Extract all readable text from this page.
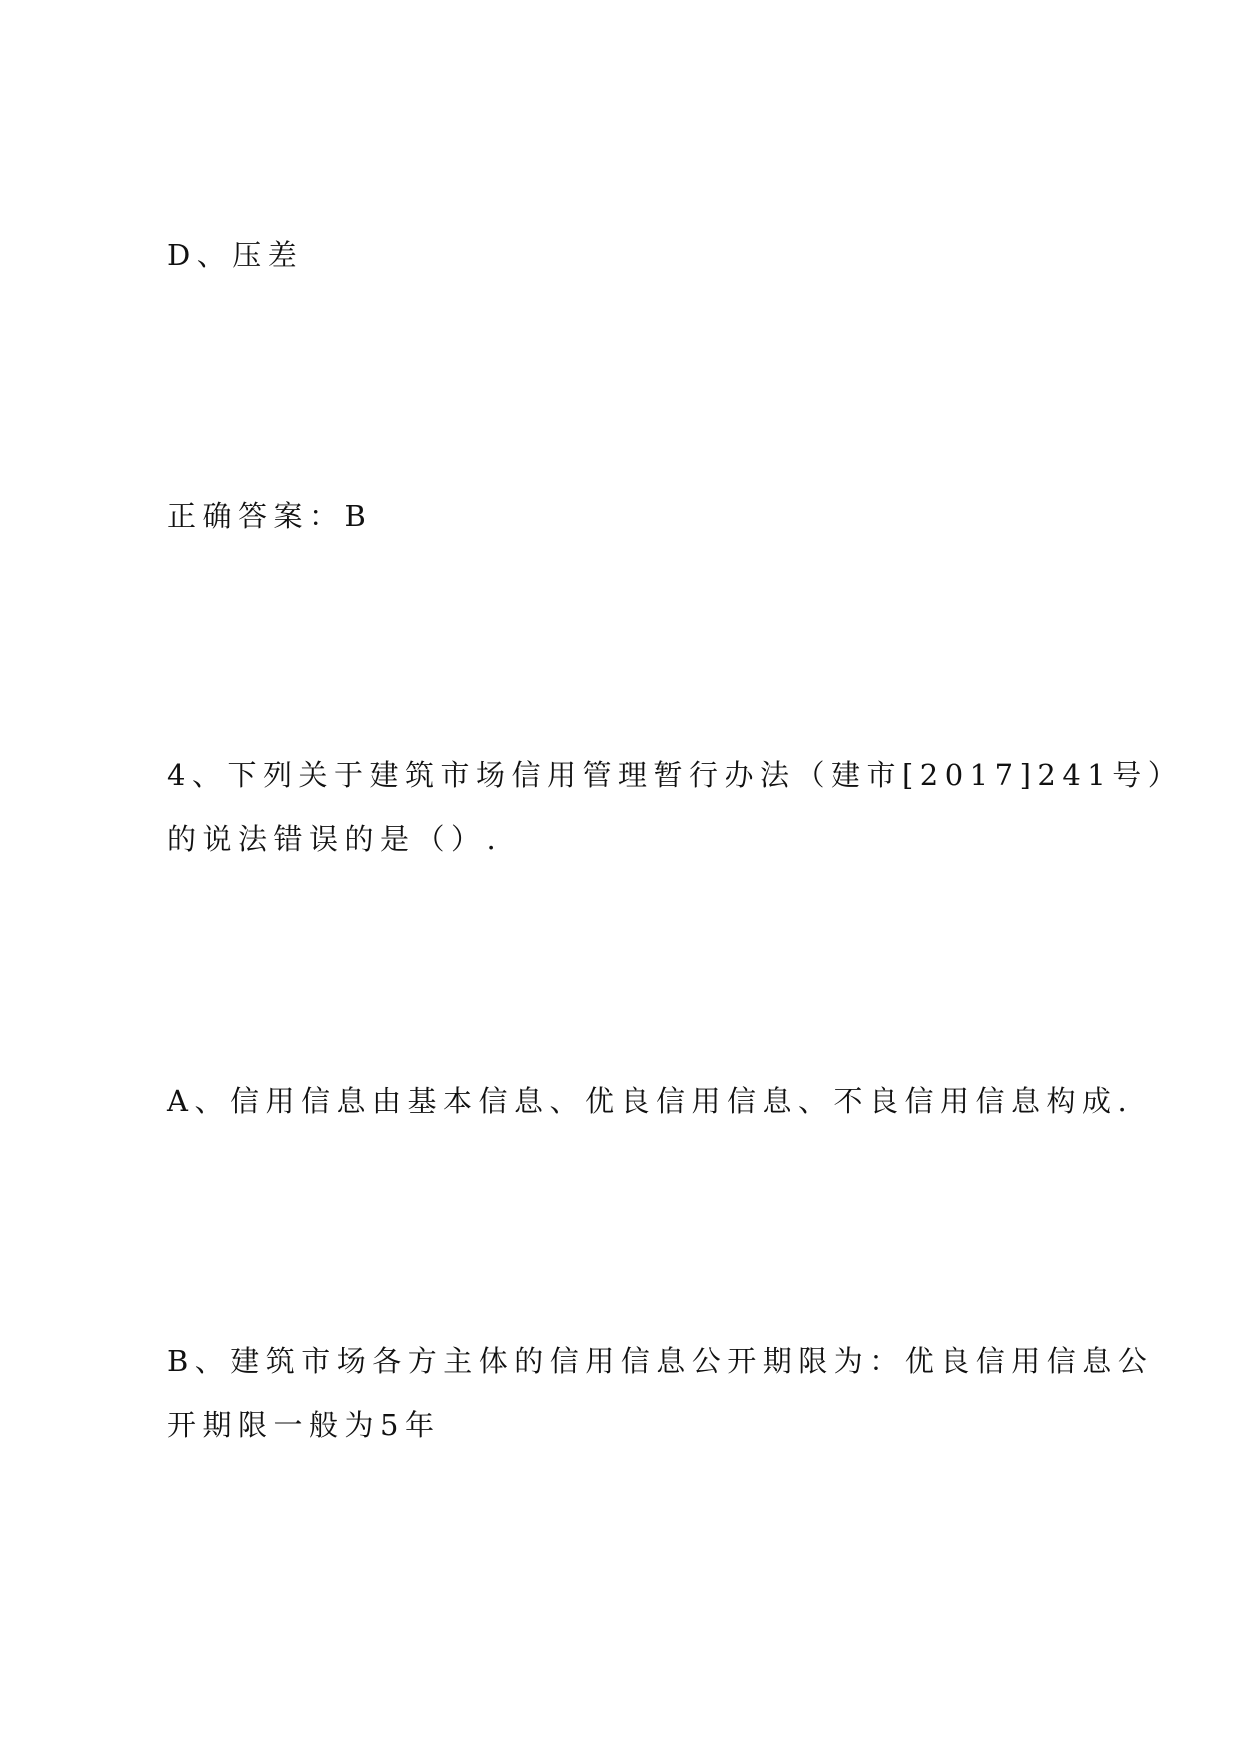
D、压差
正确答案：B
4、下列关于建筑市场信用管理暂行办法（建市[2017]241号）
的说法错误的是（）.
A、信用信息由基本信息、优良信用信息、不良信用信息构成.
B、建筑市场各方主体的信用信息公开期限为：优良信用信息公
开期限一般为5年
